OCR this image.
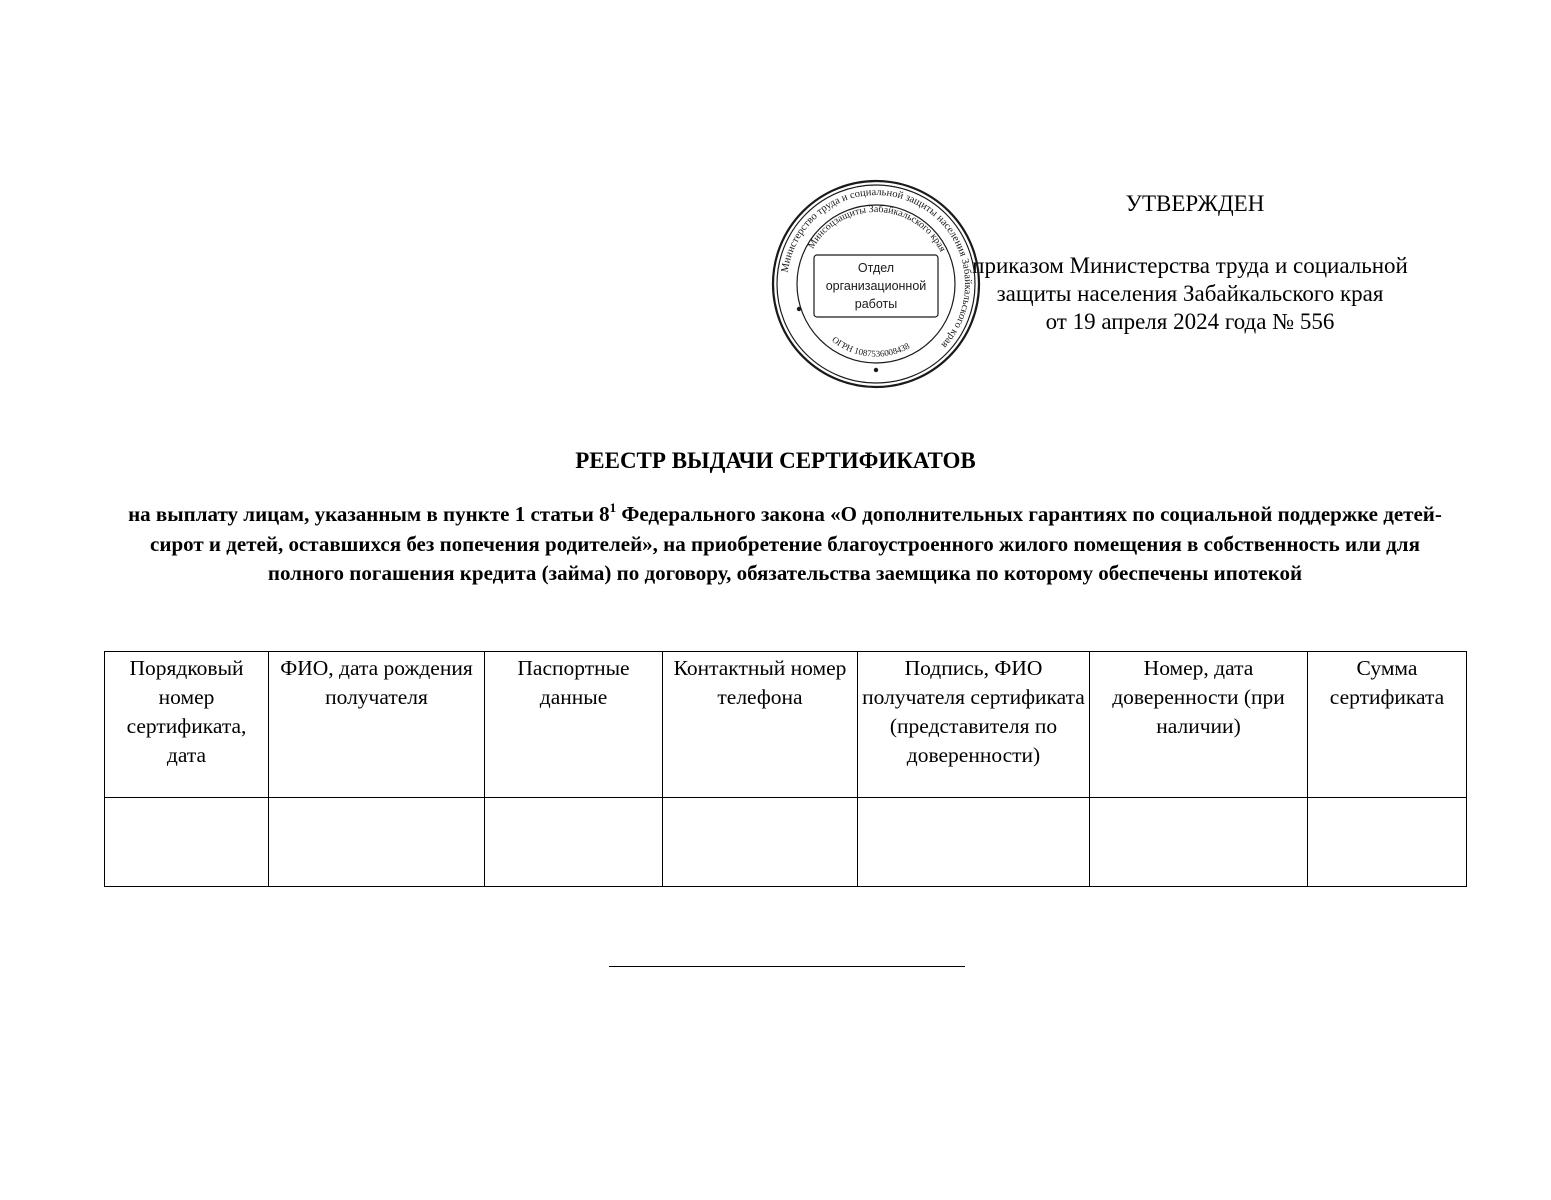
УТВЕРЖДЕН
приказом Министерства труда и социальной
защиты населения Забайкальского края
от 19 апреля 2024 года № 556
Министерство труда и социальной защиты населения Забайкальского края
Минсоцзащиты Забайкальского края
ОГРН 1087536008438
Отдел
организационной
работы
РЕЕСТР ВЫДАЧИ СЕРТИФИКАТОВ
на выплату лицам, указанным в пункте 1 статьи $8^1$ Федерального закона «О дополнительных гарантиях по социальной поддержке детей-сирот и детей, оставшихся без попечения родителей», на приобретение благоустроенного жилого помещения в собственность или для полного погашения кредита (займа) по договору, обязательства заемщика по которому обеспечены ипотекой
Порядковый номер сертификата, дата	ФИО, дата рождения получателя	Паспортные данные	Контактный номер телефона	Подпись, ФИО получателя сертификата (представителя по доверенности)	Номер, дата доверенности (при наличии)	Сумма сертификата
